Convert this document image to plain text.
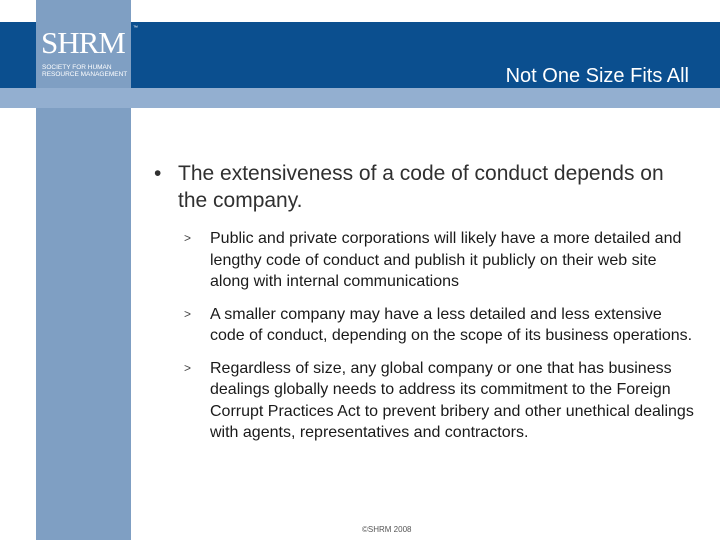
Not One Size Fits All
SHRM ™
SOCIETY FOR HUMAN RESOURCE MANAGEMENT
• The extensiveness of a code of conduct depends on the company.
> Public and private corporations will likely have a more detailed and lengthy code of conduct and publish it publicly on their web site along with internal communications
> A smaller company may have a less detailed and less extensive code of conduct, depending on the scope of its business operations.
> Regardless of size, any global company or one that has business dealings globally needs to address its commitment to the Foreign Corrupt Practices Act to prevent bribery and other unethical dealings with agents, representatives and contractors.
©SHRM 2008
